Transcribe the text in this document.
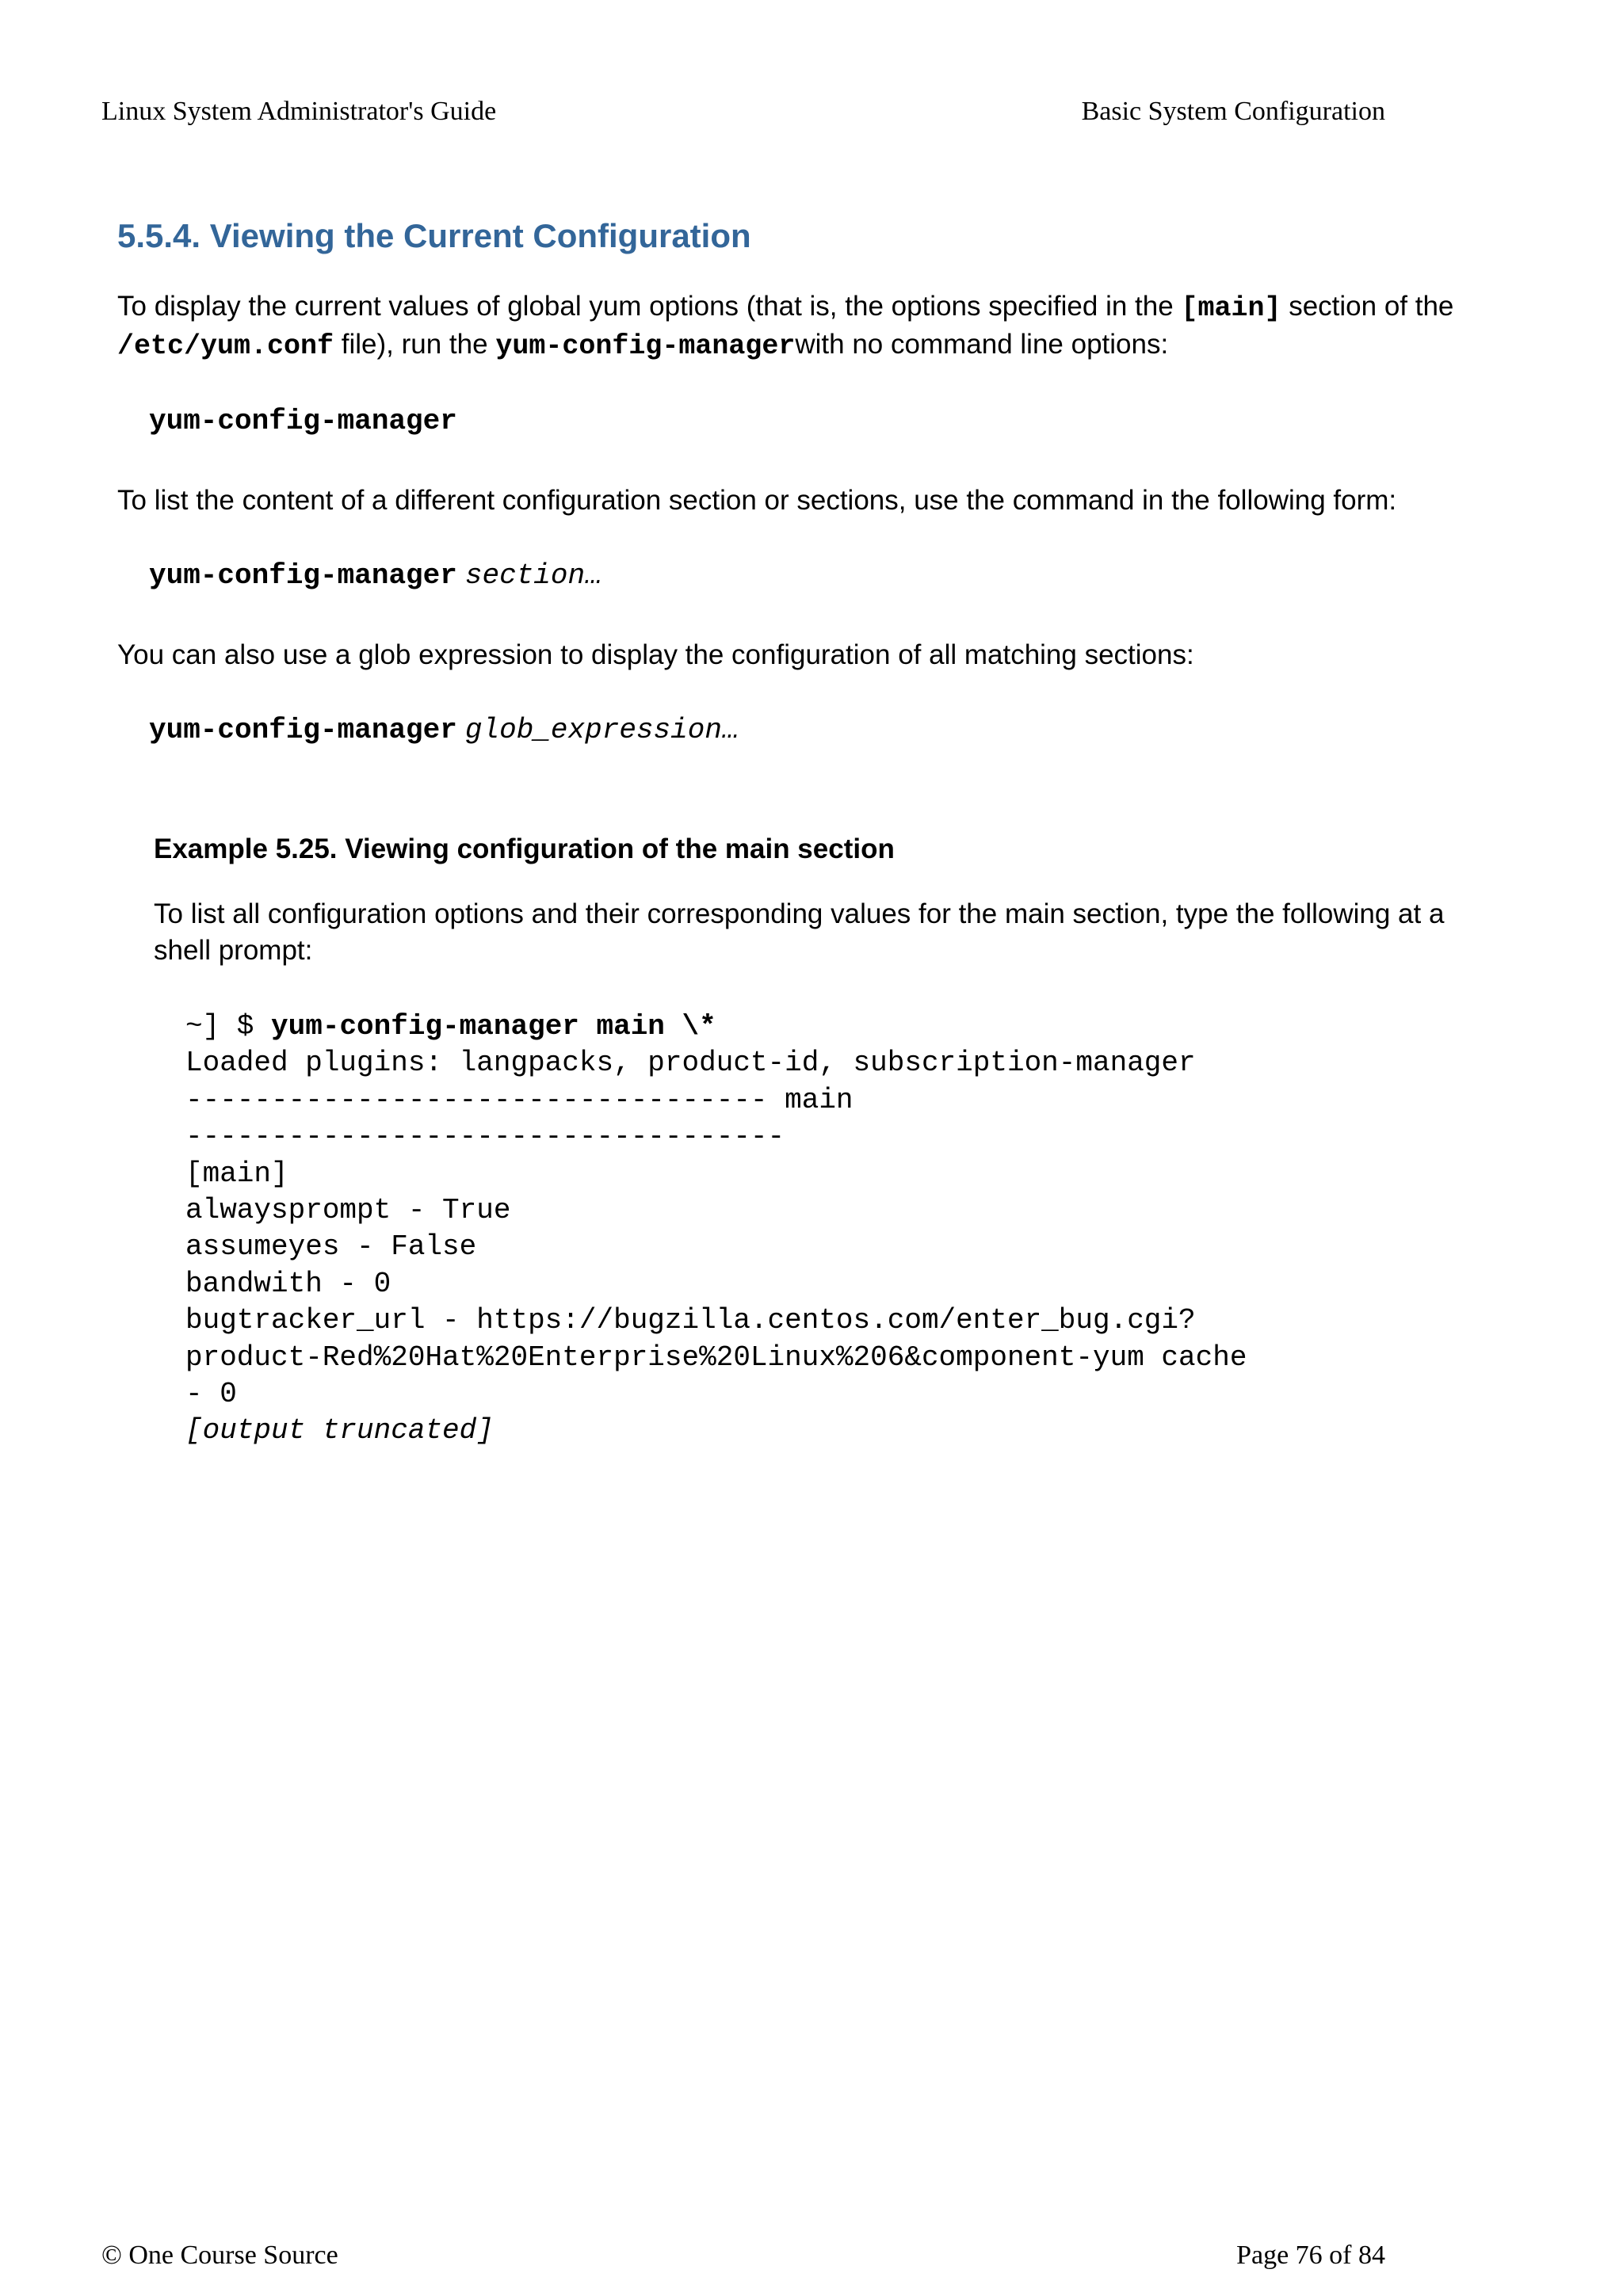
Linux System Administrator's Guide	Basic System Configuration
5.5.4. Viewing the Current Configuration

To display the current values of global yum options (that is, the options specified in the [main] section of the /etc/yum.conf file), run the yum-config-managerwith no command line options:

yum-config-manager

To list the content of a different configuration section or sections, use the command in the following form:

yum-config-manager section…

You can also use a glob expression to display the configuration of all matching sections:

yum-config-manager glob_expression…

Example 5.25. Viewing configuration of the main section

To list all configuration options and their corresponding values for the main section, type the following at a shell prompt:

~] $ yum-config-manager main \*
Loaded plugins: langpacks, product-id, subscription-manager
---------------------------------- main
-----------------------------------
[main]
alwaysprompt - True
assumeyes - False
bandwith - 0
bugtracker_url - https://bugzilla.centos.com/enter_bug.cgi?
product-Red%20Hat%20Enterprise%20Linux%206&component-yum cache
- 0
[output truncated]
© One Course Source	Page 76 of 84
